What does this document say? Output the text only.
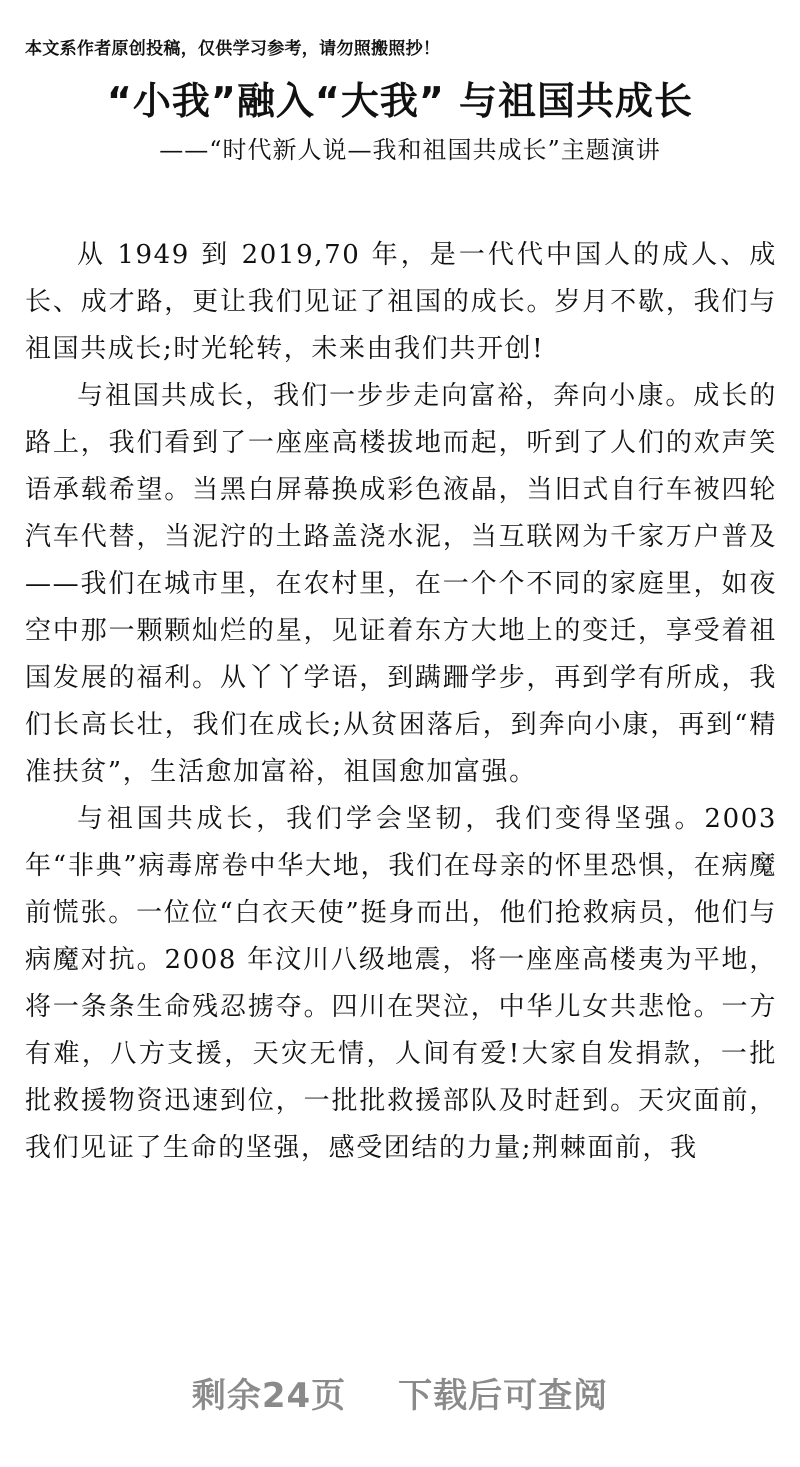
本文系作者原创投稿，仅供学习参考，请勿照搬照抄！
“小我”融入“大我” 与祖国共成长
——“时代新人说—我和祖国共成长”主题演讲

从 1949 到 2019,70 年，是一代代中国人的成人、成长、成才路，更让我们见证了祖国的成长。岁月不歇，我们与祖国共成长;时光轮转，未来由我们共开创!

与祖国共成长，我们一步步走向富裕，奔向小康。成长的路上，我们看到了一座座高楼拔地而起，听到了人们的欢声笑语承载希望。当黑白屏幕换成彩色液晶，当旧式自行车被四轮汽车代替，当泥泞的土路盖浇水泥，当互联网为千家万户普及——我们在城市里，在农村里，在一个个不同的家庭里，如夜空中那一颗颗灿烂的星，见证着东方大地上的变迁，享受着祖国发展的福利。从丫丫学语，到蹒跚学步，再到学有所成，我们长高长壮，我们在成长;从贫困落后，到奔向小康，再到“精准扶贫”，生活愈加富裕，祖国愈加富强。

与祖国共成长，我们学会坚韧，我们变得坚强。2003 年“非典”病毒席卷中华大地，我们在母亲的怀里恐惧，在病魔前慌张。一位位“白衣天使”挺身而出，他们抢救病员，他们与病魔对抗。2008 年汶川八级地震，将一座座高楼夷为平地，将一条条生命残忍掳夺。四川在哭泣，中华儿女共悲怆。一方有难，八方支援，天灾无情，人间有爱!大家自发捐款，一批批救援物资迅速到位，一批批救援部队及时赶到。天灾面前，我们见证了生命的坚强，感受团结的力量;荆棘面前，我

剩余24页 下载后可查阅
